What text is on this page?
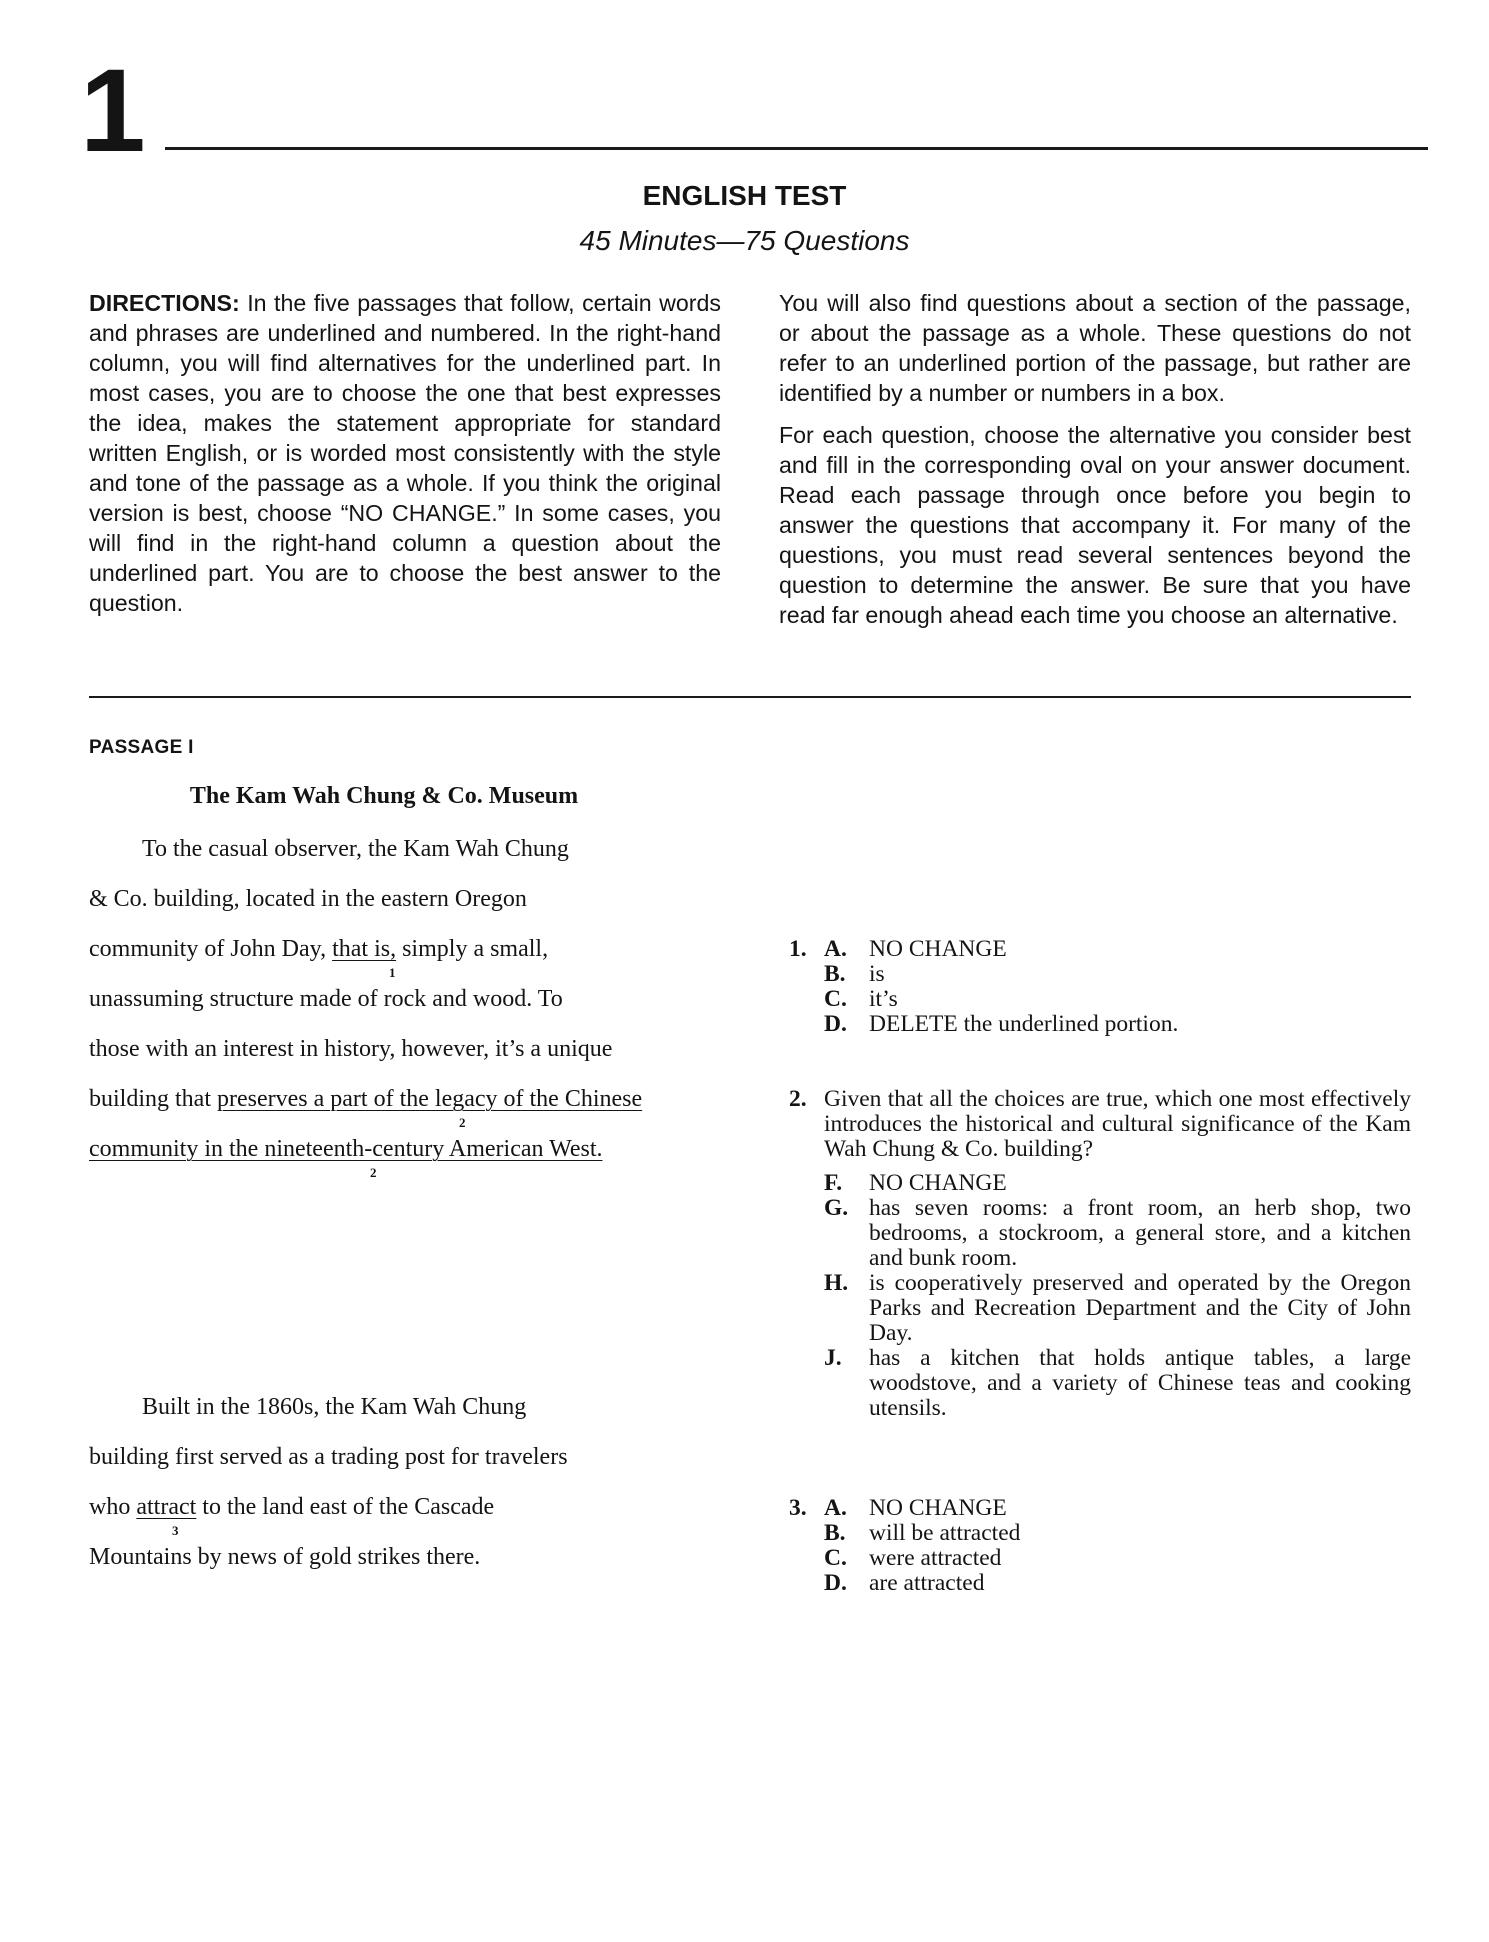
1
ENGLISH TEST
45 Minutes—75 Questions

DIRECTIONS: In the five passages that follow, certain words and phrases are underlined and numbered. In the right-hand column, you will find alternatives for the underlined part. In most cases, you are to choose the one that best expresses the idea, makes the statement appropriate for standard written English, or is worded most consistently with the style and tone of the passage as a whole. If you think the original version is best, choose “NO CHANGE.” In some cases, you will find in the right-hand column a question about the underlined part. You are to choose the best answer to the question.

You will also find questions about a section of the passage, or about the passage as a whole. These questions do not refer to an underlined portion of the passage, but rather are identified by a number or numbers in a box.

For each question, choose the alternative you consider best and fill in the corresponding oval on your answer document. Read each passage through once before you begin to answer the questions that accompany it. For many of the questions, you must read several sentences beyond the question to determine the answer. Be sure that you have read far enough ahead each time you choose an alternative.

PASSAGE I
The Kam Wah Chung & Co. Museum
To the casual observer, the Kam Wah Chung
& Co. building, located in the eastern Oregon
community of John Day, that is, simply a small,
1
unassuming structure made of rock and wood. To
those with an interest in history, however, it’s a unique
building that preserves a part of the legacy of the Chinese
2
community in the nineteenth-century American West.
2
Built in the 1860s, the Kam Wah Chung
building first served as a trading post for travelers
who attract to the land east of the Cascade
3
Mountains by news of gold strikes there.
1. A. NO CHANGE
B. is
C. it’s
D. DELETE the underlined portion.
2. Given that all the choices are true, which one most effectively introduces the historical and cultural significance of the Kam Wah Chung & Co. building?
F. NO CHANGE
G. has seven rooms: a front room, an herb shop, two bedrooms, a stockroom, a general store, and a kitchen and bunk room.
H. is cooperatively preserved and operated by the Oregon Parks and Recreation Department and the City of John Day.
J. has a kitchen that holds antique tables, a large woodstove, and a variety of Chinese teas and cooking utensils.
3. A. NO CHANGE
B. will be attracted
C. were attracted
D. are attracted
